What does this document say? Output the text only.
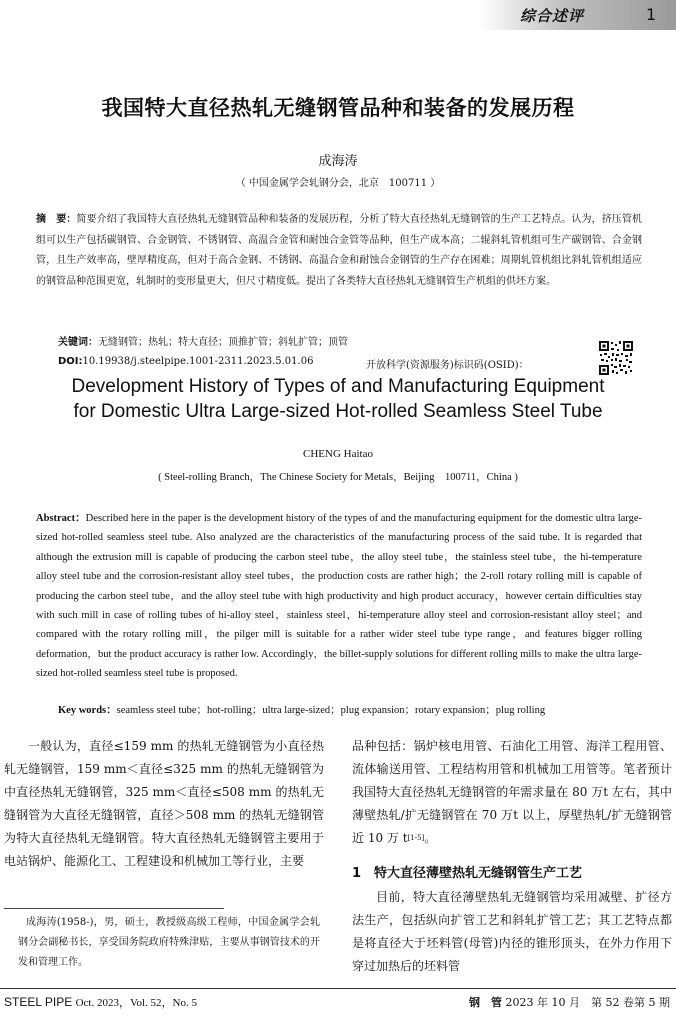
综合述评	1
我国特大直径热轧无缝钢管品种和装备的发展历程
成海涛
（ 中国金属学会轧钢分会，北京　100711 ）
摘　要：简要介绍了我国特大直径热轧无缝钢管品种和装备的发展历程，分析了特大直径热轧无缝钢管的生产工艺特点。认为，挤压管机组可以生产包括碳钢管、合金钢管、不锈钢管、高温合金管和耐蚀合金管等品种，但生产成本高；二辊斜轧管机组可生产碳钢管、合金钢管，且生产效率高，壁厚精度高，但对于高合金钢、不锈钢、高温合金和耐蚀合金钢管的生产存在困难；周期轧管机组比斜轧管机组适应的钢管品种范围更宽，轧制时的变形量更大，但尺寸精度低。提出了各类特大直径热轧无缝钢管生产机组的供坯方案。
关键词：无缝钢管；热轧；特大直径；顶推扩管；斜轧扩管；顶管
DOI:10.19938/j.steelpipe.1001-2311.2023.5.01.06	开放科学(资源服务)标识码(OSID)：
Development History of Types of and Manufacturing Equipment
for Domestic Ultra Large-sized Hot-rolled Seamless Steel Tube
CHENG Haitao
( Steel-rolling Branch，The Chinese Society for Metals，Beijing　100711，China )
Abstract：Described here in the paper is the development history of the types of and the manufacturing equipment for the domestic ultra large-sized hot-rolled seamless steel tube. Also analyzed are the characteristics of the manufacturing process of the said tube. It is regarded that although the extrusion mill is capable of producing the carbon steel tube，the alloy steel tube，the stainless steel tube，the hi-temperature alloy steel tube and the corrosion-resistant alloy steel tubes，the production costs are rather high；the 2-roll rotary rolling mill is capable of producing the carbon steel tube，and the alloy steel tube with high productivity and high product accuracy，however certain difficulties stay with such mill in case of rolling tubes of hi-alloy steel，stainless steel，hi-temperature alloy steel and corrosion-resistant alloy steel；and compared with the rotary rolling mill，the pilger mill is suitable for a rather wider steel tube type range，and features bigger rolling deformation，but the product accuracy is rather low. Accordingly，the billet-supply solutions for different rolling mills to make the ultra large-sized hot-rolled seamless steel tube is proposed.
Key words：seamless steel tube；hot-rolling；ultra large-sized；plug expansion；rotary expansion；plug rolling
一般认为，直径≤159 mm 的热轧无缝钢管为小直径热轧无缝钢管，159 mm＜直径≤325 mm 的热轧无缝钢管为中直径热轧无缝钢管，325 mm＜直径≤508 mm 的热轧无缝钢管为大直径无缝钢管，直径＞508 mm 的热轧无缝钢管为特大直径热轧无缝钢管。特大直径热轧无缝钢管主要用于电站锅炉、能源化工、工程建设和机械加工等行业，主要
品种包括：锅炉核电用管、石油化工用管、海洋工程用管、流体输送用管、工程结构用管和机械加工用管等。笔者预计我国特大直径热轧无缝钢管的年需求量在 80 万t 左右，其中薄壁热轧/扩无缝钢管在 70 万t 以上，厚壁热轧/扩无缝钢管近 10 万 t[1-5]。
1　特大直径薄壁热轧无缝钢管生产工艺
目前，特大直径薄壁热轧无缝钢管均采用减壁、扩径方法生产，包括纵向扩管工艺和斜轧扩管工艺；其工艺特点都是将直径大于坯料管(母管)内径的锥形顶头，在外力作用下穿过加热后的坯料管
成海涛(1958-)，男，硕士，教授级高级工程师，中国金属学会轧钢分会副秘书长，享受国务院政府特殊津贴，主要从事钢管技术的开发和管理工作。
STEEL PIPE Oct. 2023，Vol. 52，No. 5	钢　管 2023 年 10 月　第 52 卷第 5 期
